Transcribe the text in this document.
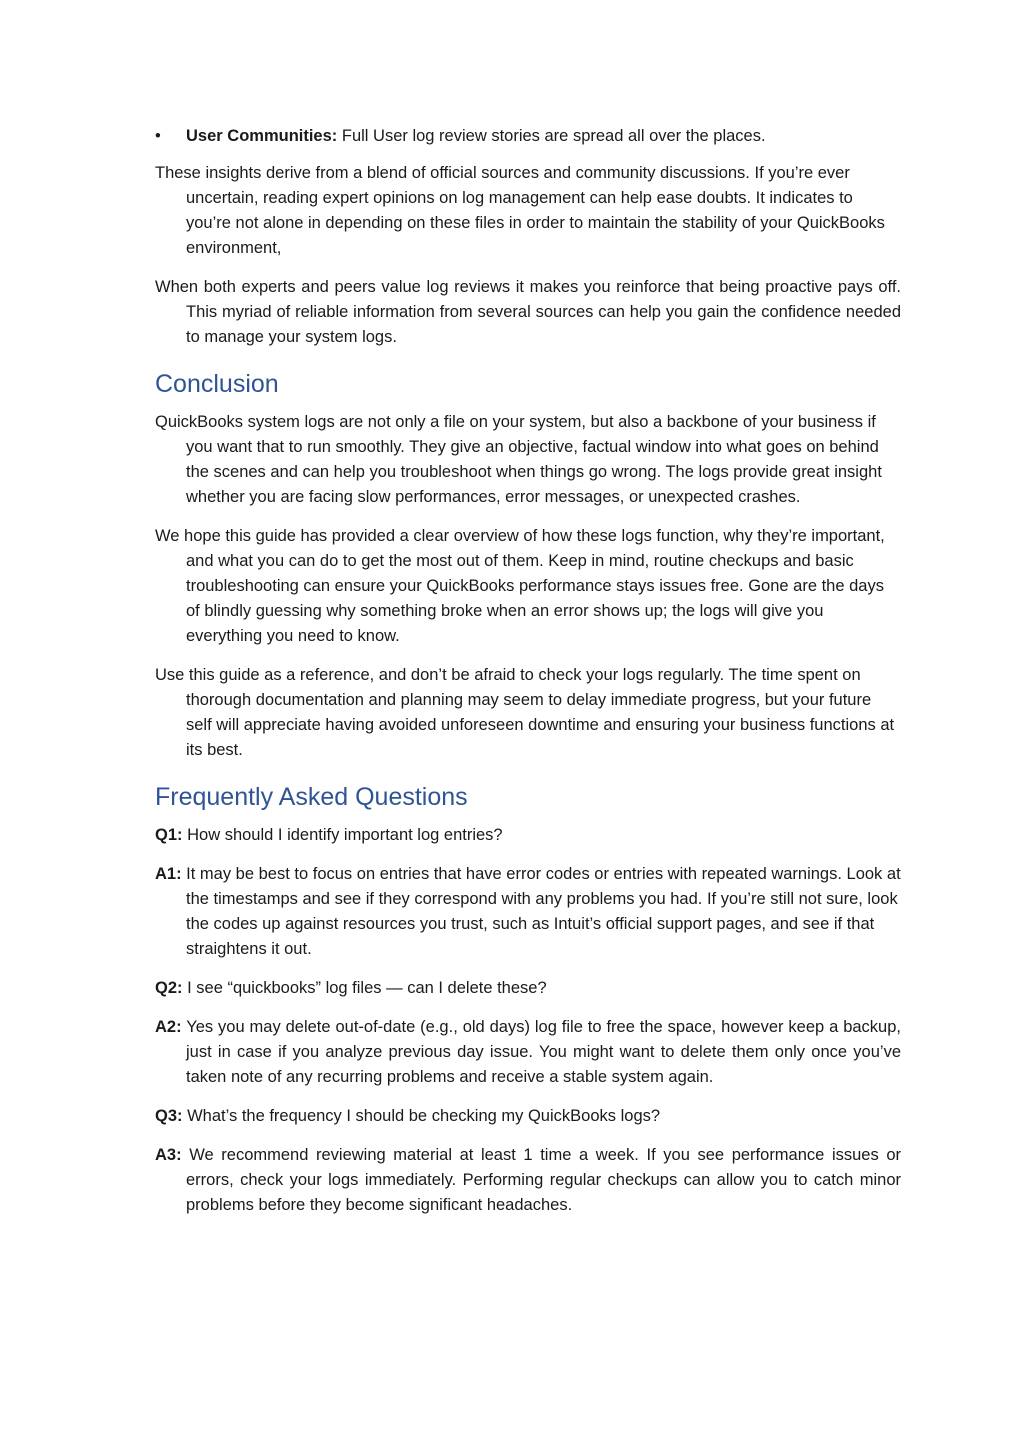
•	User Communities: Full User log review stories are spread all over the places.

These insights derive from a blend of official sources and community discussions. If you’re ever uncertain, reading expert opinions on log management can help ease doubts. It indicates to you’re not alone in depending on these files in order to maintain the stability of your QuickBooks environment,

When both experts and peers value log reviews it makes you reinforce that being proactive pays off. This myriad of reliable information from several sources can help you gain the confidence needed to manage your system logs.

Conclusion

QuickBooks system logs are not only a file on your system, but also a backbone of your business if you want that to run smoothly. They give an objective, factual window into what goes on behind the scenes and can help you troubleshoot when things go wrong. The logs provide great insight whether you are facing slow performances, error messages, or unexpected crashes.

We hope this guide has provided a clear overview of how these logs function, why they’re important, and what you can do to get the most out of them. Keep in mind, routine checkups and basic troubleshooting can ensure your QuickBooks performance stays issues free. Gone are the days of blindly guessing why something broke when an error shows up; the logs will give you everything you need to know.

Use this guide as a reference, and don’t be afraid to check your logs regularly. The time spent on thorough documentation and planning may seem to delay immediate progress, but your future self will appreciate having avoided unforeseen downtime and ensuring your business functions at its best.

Frequently Asked Questions

Q1: How should I identify important log entries?

A1: It may be best to focus on entries that have error codes or entries with repeated warnings. Look at the timestamps and see if they correspond with any problems you had. If you’re still not sure, look the codes up against resources you trust, such as Intuit’s official support pages, and see if that straightens it out.

Q2: I see “quickbooks” log files — can I delete these?

A2: Yes you may delete out-of-date (e.g., old days) log file to free the space, however keep a backup, just in case if you analyze previous day issue. You might want to delete them only once you’ve taken note of any recurring problems and receive a stable system again.

Q3: What’s the frequency I should be checking my QuickBooks logs?

A3: We recommend reviewing material at least 1 time a week. If you see performance issues or errors, check your logs immediately. Performing regular checkups can allow you to catch minor problems before they become significant headaches.
